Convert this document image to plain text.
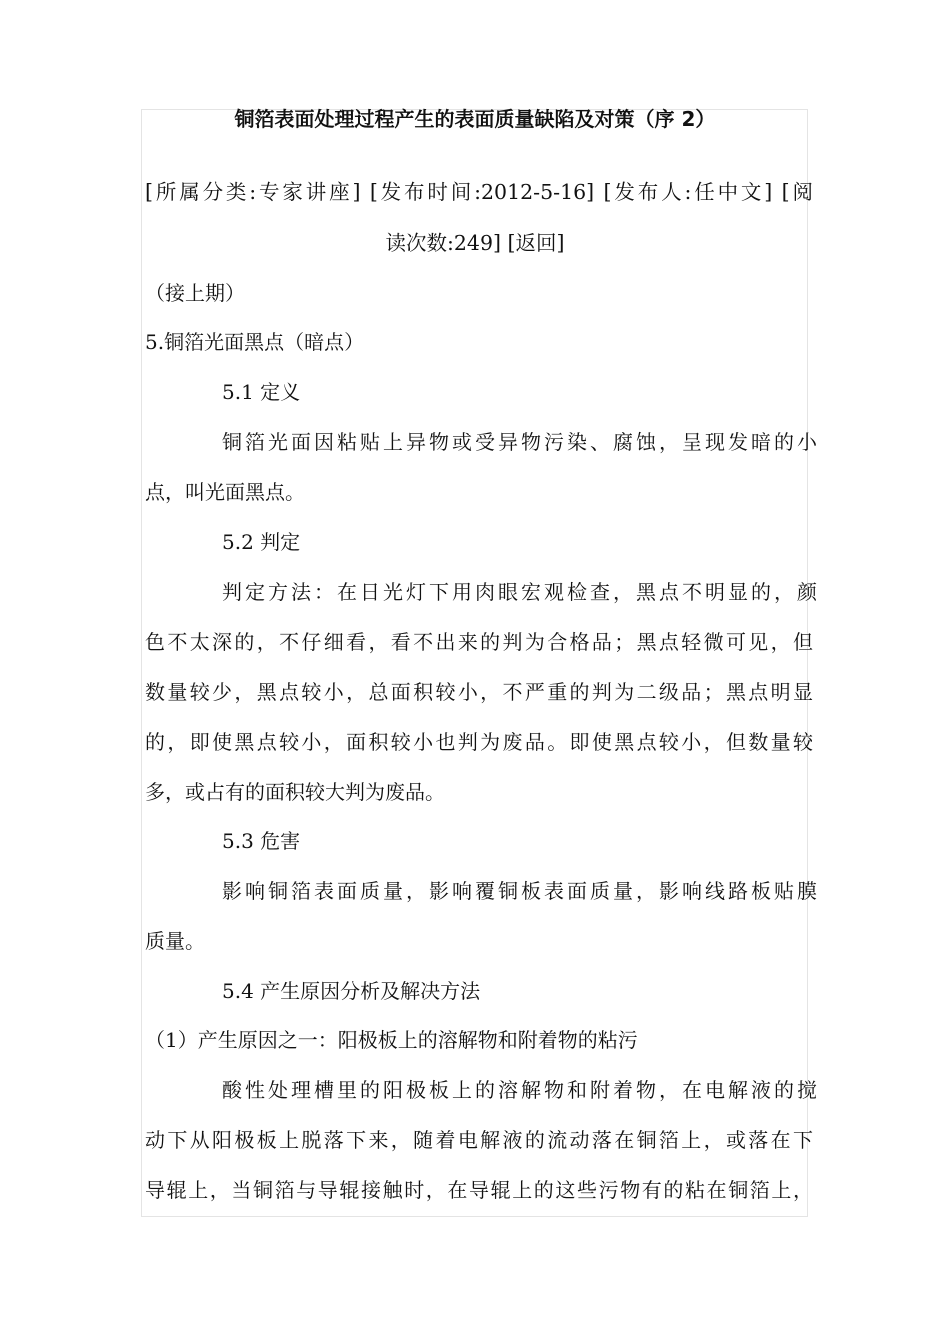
铜箔表面处理过程产生的表面质量缺陷及对策（序 2）
[所属分类:专家讲座] [发布时间:2012-5-16] [发布人:任中文] [阅
读次数:249] [返回]
（接上期）
5.铜箔光面黑点（暗点）
5.1 定义
铜箔光面因粘贴上异物或受异物污染、腐蚀，呈现发暗的小
点，叫光面黑点。
5.2 判定
判定方法：在日光灯下用肉眼宏观检查，黑点不明显的，颜
色不太深的，不仔细看，看不出来的判为合格品；黑点轻微可见，但
数量较少，黑点较小，总面积较小，不严重的判为二级品；黑点明显
的，即使黑点较小，面积较小也判为废品。即使黑点较小，但数量较
多，或占有的面积较大判为废品。
5.3 危害
影响铜箔表面质量，影响覆铜板表面质量，影响线路板贴膜
质量。
5.4 产生原因分析及解决方法
（1）产生原因之一：阳极板上的溶解物和附着物的粘污
酸性处理槽里的阳极板上的溶解物和附着物，在电解液的搅
动下从阳极板上脱落下来，随着电解液的流动落在铜箔上，或落在下
导辊上，当铜箔与导辊接触时，在导辊上的这些污物有的粘在铜箔上，
